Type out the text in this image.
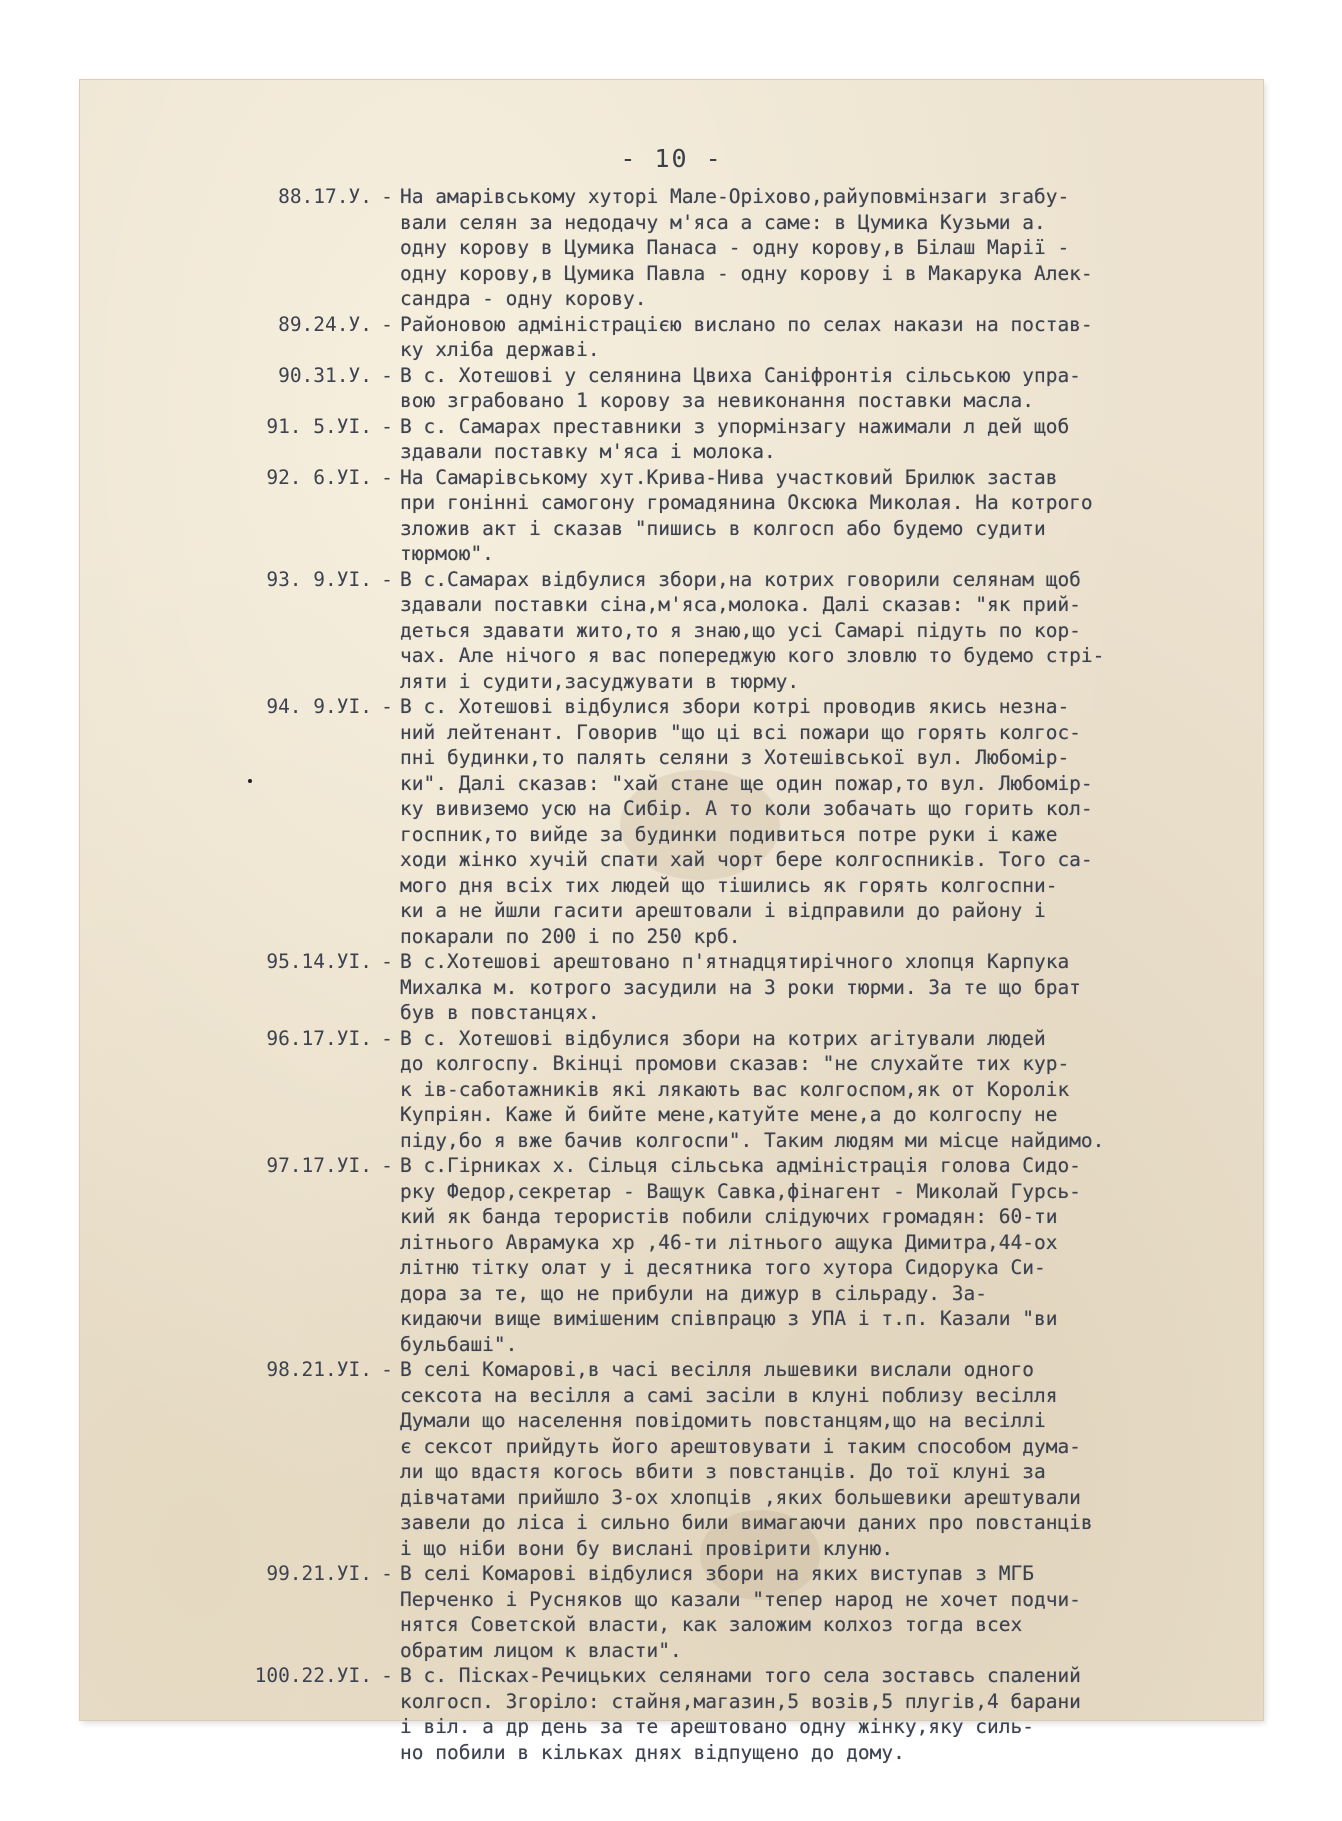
- 10 -
88.17.У. - На амарівському хуторі Мале-Оріхово,райуповмінзаги згабу-
вали селян за недодачу м'яса а саме: в Цумика Кузьми а.
одну корову в Цумика Панаса - одну корову,в Білаш Марії -
одну корову,в Цумика Павла - одну корову і в Макарука Алек-
сандра - одну корову.
89.24.У. - Районовою адміністрацією вислано по селах накази на постав-
ку хліба державі.
90.31.У. - В с. Хотешові у селянина Цвиха Саніфронтія сільською упра-
вою зграбовано 1 корову за невиконання поставки масла.
91. 5.УІ. - В с. Самарах преставники з упормінзагу нажимали л дей щоб
здавали поставку м'яса і молока.
92. 6.УІ. - На Самарівському хут.Крива-Нива участковий Брилюк застав
при гонінні самогону громадянина Оксюка Миколая. На котрого
зложив акт і сказав "пишись в колгосп або будемо судити
тюрмою".
93. 9.УІ. - В с.Самарах відбулися збори,на котрих говорили селянам щоб
здавали поставки сіна,м'яса,молока. Далі сказав: "як прий-
деться здавати жито,то я знаю,що усі Самарі підуть по кор-
чах. Але нічого я вас попереджую кого зловлю то будемо стрі-
ляти і судити,засуджувати в тюрму.
94. 9.УІ. - В с. Хотешові відбулися збори котрі проводив якись незна-
ний лейтенант. Говорив "що ці всі пожари що горять колгос-
пні будинки,то палять селяни з Хотешівської вул. Любомір-
ки". Далі сказав: "хай стане ще один пожар,то вул. Любомір-
ку вивиземо усю на Сибір. А то коли зобачать що горить кол-
госпник,то вийде за будинки подивиться потре руки і каже
ходи жінко хучій спати хай чорт бере колгоспників. Того са-
мого дня всіх тих людей що тішились як горять колгоспни-
ки а не йшли гасити арештовали і відправили до району і
покарали по 200 і по 250 крб.
95.14.УІ. - В с.Хотешові арештовано п'ятнадцятирічного хлопця Карпука
Михалка м. котрого засудили на 3 роки тюрми. За те що брат
був в повстанцях.
96.17.УІ. - В с. Хотешові відбулися збори на котрих агітували людей
до колгоспу. Вкінці промови сказав: "не слухайте тих кур-
к ів-саботажників які лякають вас колгоспом,як от Королік
Купріян. Каже й бийте мене,катуйте мене,а до колгоспу не
піду,бо я вже бачив колгоспи". Таким людям ми місце найдимо.
97.17.УІ. - В с.Гірниках х. Сільця сільська адміністрація голова Сидо-
рку Федор,секретар - Ващук Савка,фінагент - Миколай Гурсь-
кий як банда терористів побили слідуючих громадян: 60-ти
літнього Аврамука хр ,46-ти літнього ащука Димитра,44-ох
літню тітку олат у і десятника того хутора Сидорука Си-
дора за те, що не прибули на дижур в сільраду. За-
кидаючи вище вимішеним співпрацю з УПА і т.п. Казали "ви
бульбаші".
98.21.УІ. - В селі Комарові,в часі весілля льшевики вислали одного
сексота на весілля а самі засіли в клуні поблизу весілля
Думали що населення повідомить повстанцям,що на весіллі
є сексот прийдуть його арештовувати і таким способом дума-
ли що вдастя когось вбити з повстанців. До тої клуні за
дівчатами прийшло 3-ох хлопців ,яких большевики арештували
завели до ліса і сильно били вимагаючи даних про повстанців
і що ніби вони бу вислані провірити клуню.
99.21.УІ. - В селі Комарові відбулися збори на яких виступав з МГБ
Перченко і Русняков що казали "тепер народ не хочет подчи-
нятся Советской власти, как заложим колхоз тогда всех
обратим лицом к власти".
100.22.УІ. - В с. Піскаx-Речицьких селянами того села зоставсь спалений
колгосп. Згоріло: стайня,магазин,5 возів,5 плугів,4 барани
і віл. а др день за те арештовано одну жінку,яку силь-
но побили в кільках днях відпущено до дому.
